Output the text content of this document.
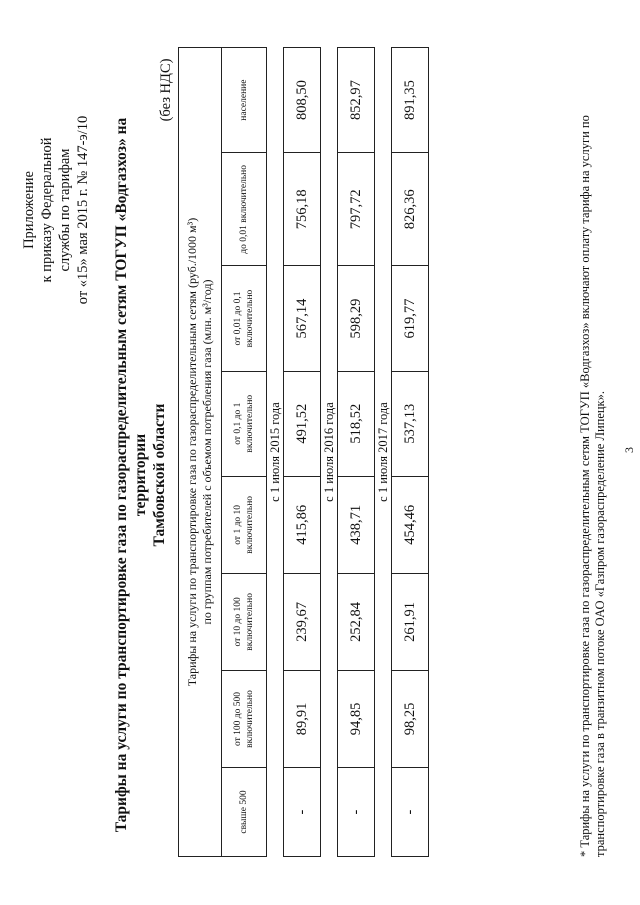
Приложение к приказу Федеральной службы по тарифам от «15» мая 2015 г. № 147-э/10 Тарифы на услуги по транспортировке газа по газораспределительным сетям ТОГУП «Водгазхоз» на территории Тамбовской области
(без НДС)
Тарифы на услуги по транспортировке газа по газораспределительным сетям (руб./1000 м³) по группам потребителей с объемом потребления газа (млн. м³/год)							

свыше 500	от 100 до 500 включительно	от 10 до 100 включительно	от 1 до 10 включительно	от 0,1 до 1 включительно	от 0,01 до 0,1 включительно	до 0,01 включительно	население
с 1 июля 2015 года							
-	89,91	239,67	415,86	491,52	567,14	756,18	808,50
с 1 июля 2016 года							
-	94,85	252,84	438,71	518,52	598,29	797,72	852,97
с 1 июля 2017 года							
-	98,25	261,91	454,46	537,13	619,77	826,36	891,35
* Тарифы на услуги по транспортировке газа по газораспределительным сетям ТОГУП «Водгазхоз» включают оплату тарифа на услуги по транспортировке газа в транзитном потоке ОАО «Газпром газораспределение Липецк». 3
